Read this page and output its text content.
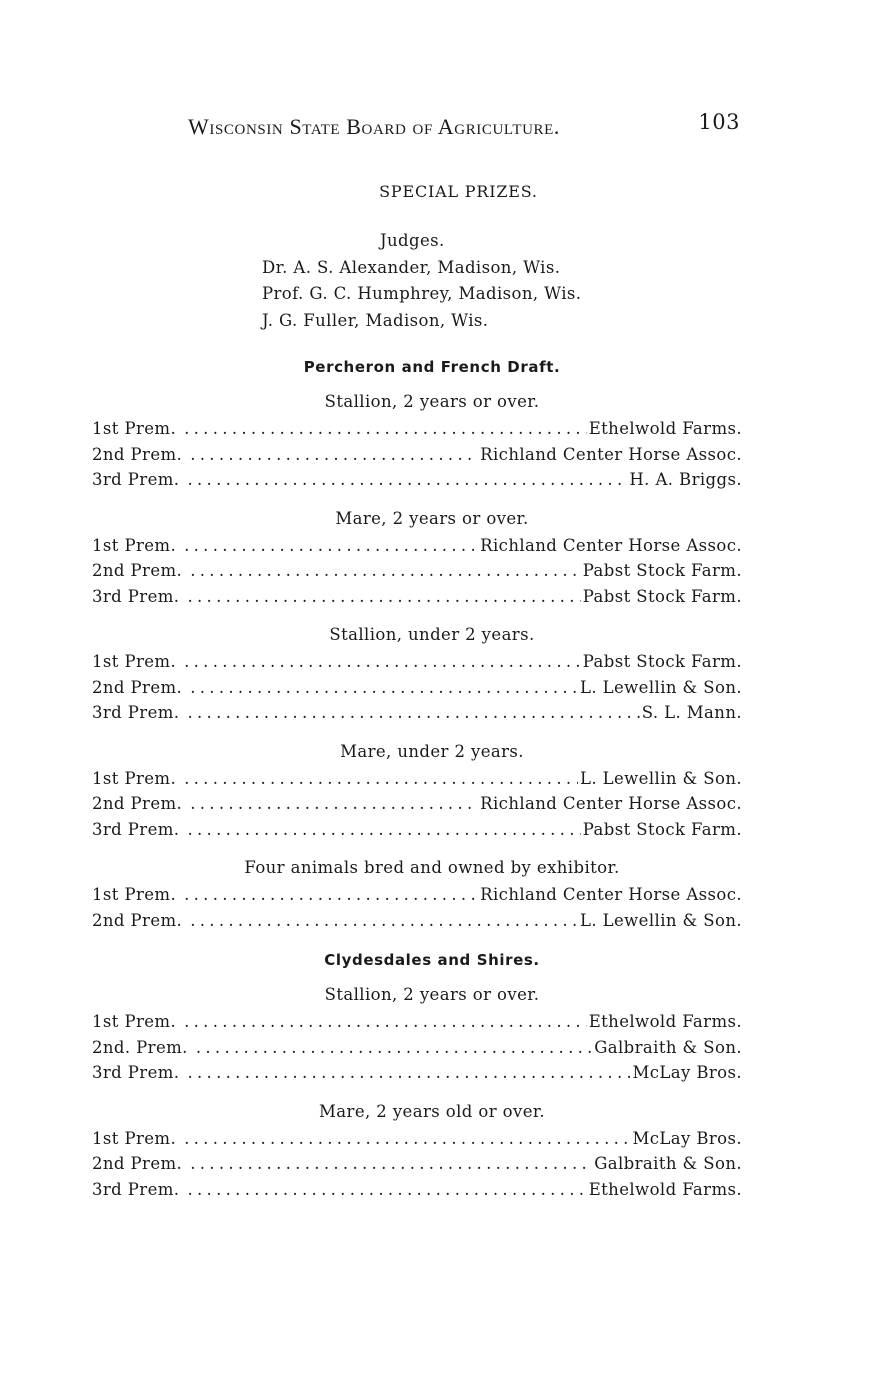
Wisconsin State Board of Agriculture.	103
SPECIAL PRIZES.
Judges.
Dr. A. S. Alexander, Madison, Wis.
Prof. G. C. Humphrey, Madison, Wis.
J. G. Fuller, Madison, Wis.
Percheron and French Draft.
Stallion, 2 years or over.
1st Prem. .....	Ethelwold Farms.
2nd Prem. .....	Richland Center Horse Assoc.
3rd Prem. .....	H. A. Briggs.
Mare, 2 years or over.
1st Prem. .....	Richland Center Horse Assoc.
2nd Prem. .....	Pabst Stock Farm.
3rd Prem. .....	Pabst Stock Farm.
Stallion, under 2 years.
1st Prem. .....	Pabst Stock Farm.
2nd Prem. .....	L. Lewellin & Son.
3rd Prem. .....	S. L. Mann.
Mare, under 2 years.
1st Prem. .....	L. Lewellin & Son.
2nd Prem. .....	Richland Center Horse Assoc.
3rd Prem. .....	Pabst Stock Farm.
Four animals bred and owned by exhibitor.
1st Prem. .....	Richland Center Horse Assoc.
2nd Prem. .....	L. Lewellin & Son.
Clydesdales and Shires.
Stallion, 2 years or over.
1st Prem. .....	Ethelwold Farms.
2nd. Prem. .....	Galbraith & Son.
3rd Prem. .....	McLay Bros.
Mare, 2 years old or over.
1st Prem. .....	McLay Bros.
2nd Prem. .....	Galbraith & Son.
3rd Prem. .....	Ethelwold Farms.
